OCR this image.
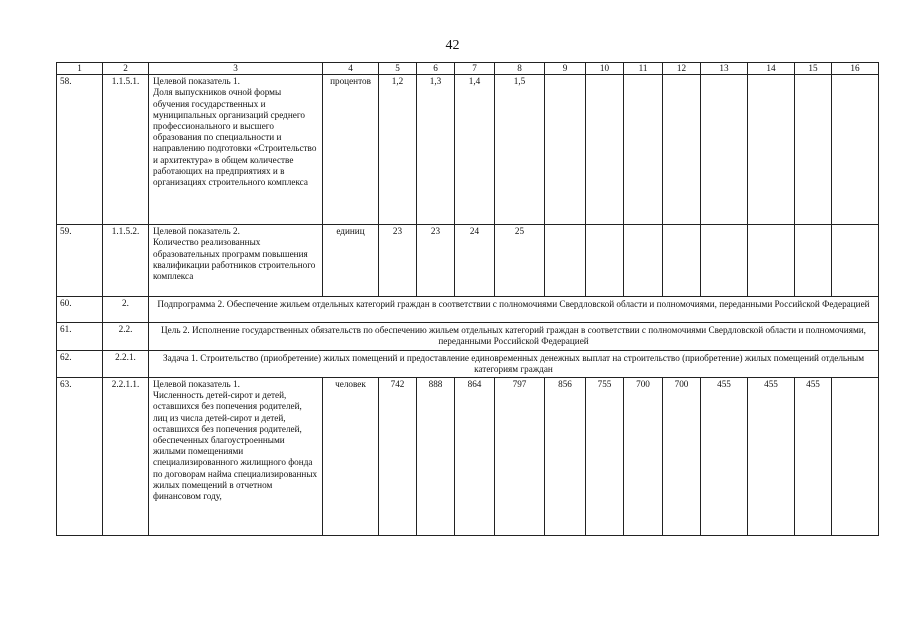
42
1	2	3	4	5	6	7	8	9	10	11	12	13	14	15	16	
58.	1.1.5.1.	Целевой показатель 1.
Доля выпускников очной формы обучения государственных и муниципальных организаций среднего профессионального и высшего образования по специальности и направлению подготовки «Строительство и архитектура» в общем количестве работающих на предприятиях и в организациях строительного комплекса	процентов	1,2	1,3	1,4	1,5									
59.	1.1.5.2.	Целевой показатель 2.
Количество реализованных образовательных программ повышения квалификации работников строительного комплекса	единиц	23	23	24	25									
60.	2.	Подпрограмма 2. Обеспечение жильем отдельных категорий граждан в соответствии с полномочиями Свердловской области и полномочиями, переданными Российской Федерацией														
61.	2.2.	Цель 2. Исполнение государственных обязательств по обеспечению жильем отдельных категорий граждан в соответствии с полномочиями Свердловской области и полномочиями, переданными Российской Федерацией														
62.	2.2.1.	Задача 1. Строительство (приобретение) жилых помещений и предоставление единовременных денежных выплат на строительство (приобретение) жилых помещений отдельным категориям граждан														
63.	2.2.1.1.	Целевой показатель 1.
Численность детей-сирот и детей, оставшихся без попечения родителей, лиц из числа детей-сирот и детей, оставшихся без попечения родителей, обеспеченных благоустроенными жилыми помещениями специализированного жилищного фонда по договорам найма специализированных жилых помещений в отчетном финансовом году,	человек	742	888	864	797	856	755	700	700	455	455	455		
